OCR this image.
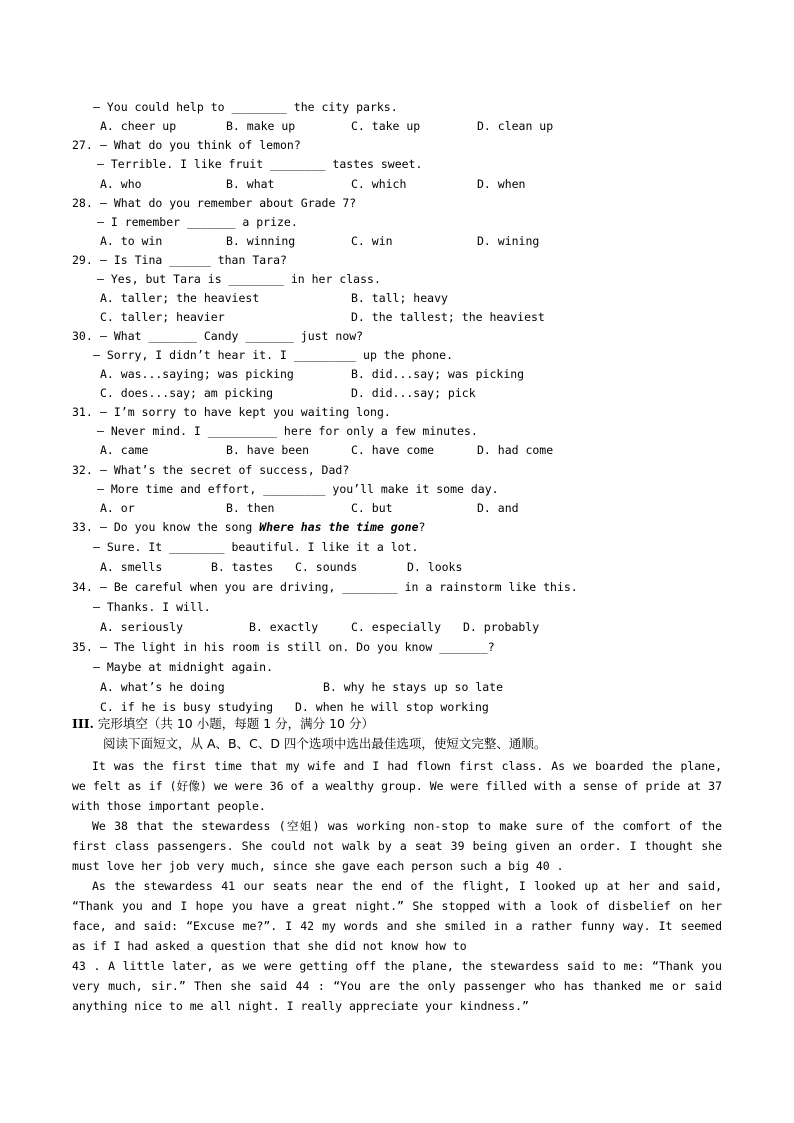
— You could help to ________ the city parks.
A. cheer up	B. make up	C. take up	D. clean up
27. — What do you think of lemon?
— Terrible. I like fruit ________ tastes sweet.
A. who	B. what	C. which	D. when
28. — What do you remember about Grade 7?
— I remember _______ a prize.
A. to win	B. winning	C. win	D. wining
29. — Is Tina ______ than Tara?
— Yes, but Tara is ________ in her class.
A. taller; the heaviest	B. tall; heavy
C. taller; heavier	D. the tallest; the heaviest
30. — What _______ Candy _______ just now?
— Sorry, I didn’t hear it. I _________ up the phone.
A. was...saying; was picking	B. did...say; was picking
C. does...say; am picking	D. did...say; pick
31. — I’m sorry to have kept you waiting long.
— Never mind. I __________ here for only a few minutes.
A. came	B. have been	C. have come	D. had come
32. — What’s the secret of success, Dad?
— More time and effort, _________ you’ll make it some day.
A. or	B. then	C. but	D. and
33. — Do you know the song Where has the time gone?
— Sure. It ________ beautiful. I like it a lot.
A. smells	B. tastes C. sounds	D. looks
34. — Be careful when you are driving, ________ in a rainstorm like this.
— Thanks. I will.
A. seriously	B. exactly	C. especially D. probably
35. — The light in his room is still on. Do you know _______?
— Maybe at midnight again.
A. what’s he doing	B. why he stays up so late
C. if he is busy studying D. when he will stop working
III. 完形填空（共 10 小题，每题 1 分，满分 10 分）
阅读下面短文，从 A、B、C、D 四个选项中选出最佳选项，使短文完整、通顺。
It was the first time that my wife and I had flown first class. As we boarded the plane, we felt as if (好像) we were 36 of a wealthy group. We were filled with a sense of pride at 37 with those important people.
We 38 that the stewardess (空姐) was working non-stop to make sure of the comfort of the first class passengers. She could not walk by a seat 39 being given an order. I thought she must love her job very much, since she gave each person such a big 40 .
As the stewardess 41 our seats near the end of the flight, I looked up at her and said, “Thank you and I hope you have a great night.” She stopped with a look of disbelief on her face, and said: “Excuse me?”. I 42 my words and she smiled in a rather funny way. It seemed as if I had asked a question that she did not know how to
43 . A little later, as we were getting off the plane, the stewardess said to me: “Thank you very much, sir.” Then she said 44 : “You are the only passenger who has thanked me or said anything nice to me all night. I really appreciate your kindness.”
